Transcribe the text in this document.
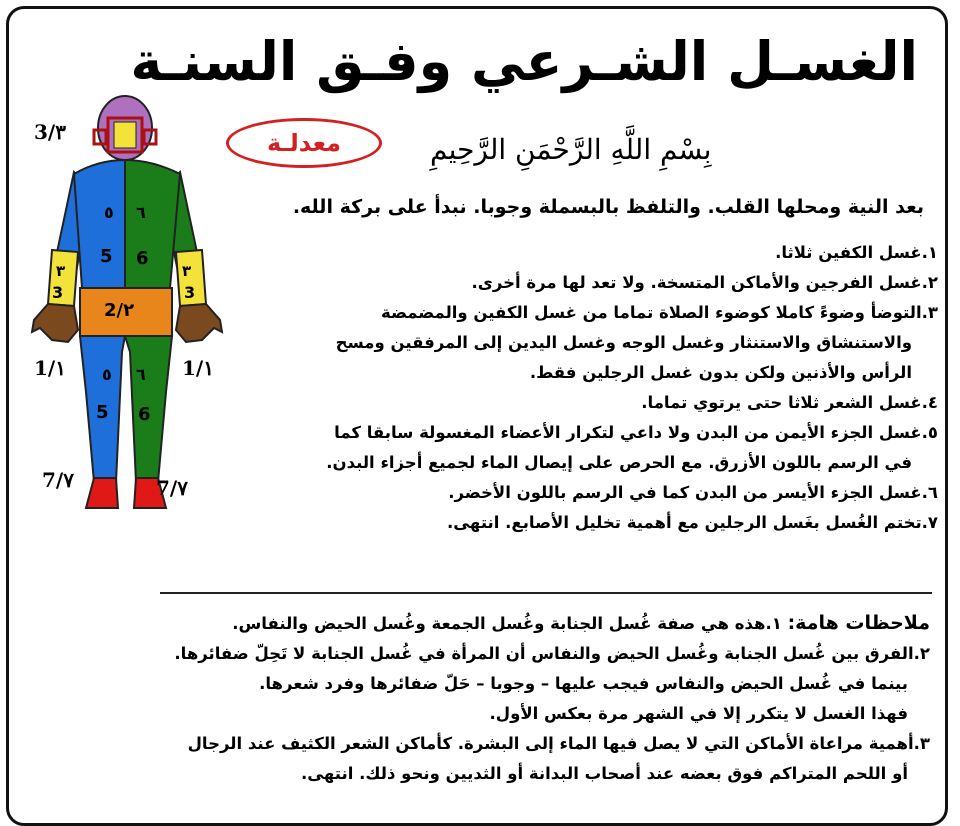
الغسـل الشـرعي وفـق السنـة
معدلـة	بِسْمِ اللَّهِ الرَّحْمَنِ الرَّحِيمِ
٥ ٦
5 6
٣	٣
3	3
2/٢
٥ ٦
5 6
3/٣
1/١	1/١
7/٧	7/٧
بعد النية ومحلها القلب. والتلفظ بالبسملة وجوبا. نبدأ على بركة الله.
١.غسل الكفين ثلاثا.
٢.غسل الفرجين والأماكن المتسخة. ولا تعد لها مرة أخرى.
٣.التوضأ وضوءً كاملا كوضوء الصلاة تماما من غسل الكفين والمضمضة
والاستنشاق والاستنثار وغسل الوجه وغسل اليدين إلى المرفقين ومسح
الرأس والأذنين ولكن بدون غسل الرجلين فقط.
٤.غسل الشعر ثلاثا حتى يرتوي تماما.
٥.غسل الجزء الأيمن من البدن ولا داعي لتكرار الأعضاء المغسولة سابقا كما
في الرسم باللون الأزرق. مع الحرص على إيصال الماء لجميع أجزاء البدن.
٦.غسل الجزء الأيسر من البدن كما في الرسم باللون الأخضر.
٧.تختم الغُسل بغَسل الرجلين مع أهمية تخليل الأصابع. انتهى.
ملاحظات هامة: ١.هذه هي صفة غُسل الجنابة وغُسل الجمعة وغُسل الحيض والنفاس.
٢.الفرق بين غُسل الجنابة وغُسل الحيض والنفاس أن المرأة في غُسل الجنابة لا تَحِلّ ضفائرها.
بينما في غُسل الحيض والنفاس فيجب عليها – وجوبا – حَلّ ضفائرها وفرد شعرها.
فهذا الغسل لا يتكرر إلا في الشهر مرة بعكس الأول.
٣.أهمية مراعاة الأماكن التي لا يصل فيها الماء إلى البشرة. كأماكن الشعر الكثيف عند الرجال
أو اللحم المتراكم فوق بعضه عند أصحاب البدانة أو الثديين ونحو ذلك. انتهى.
